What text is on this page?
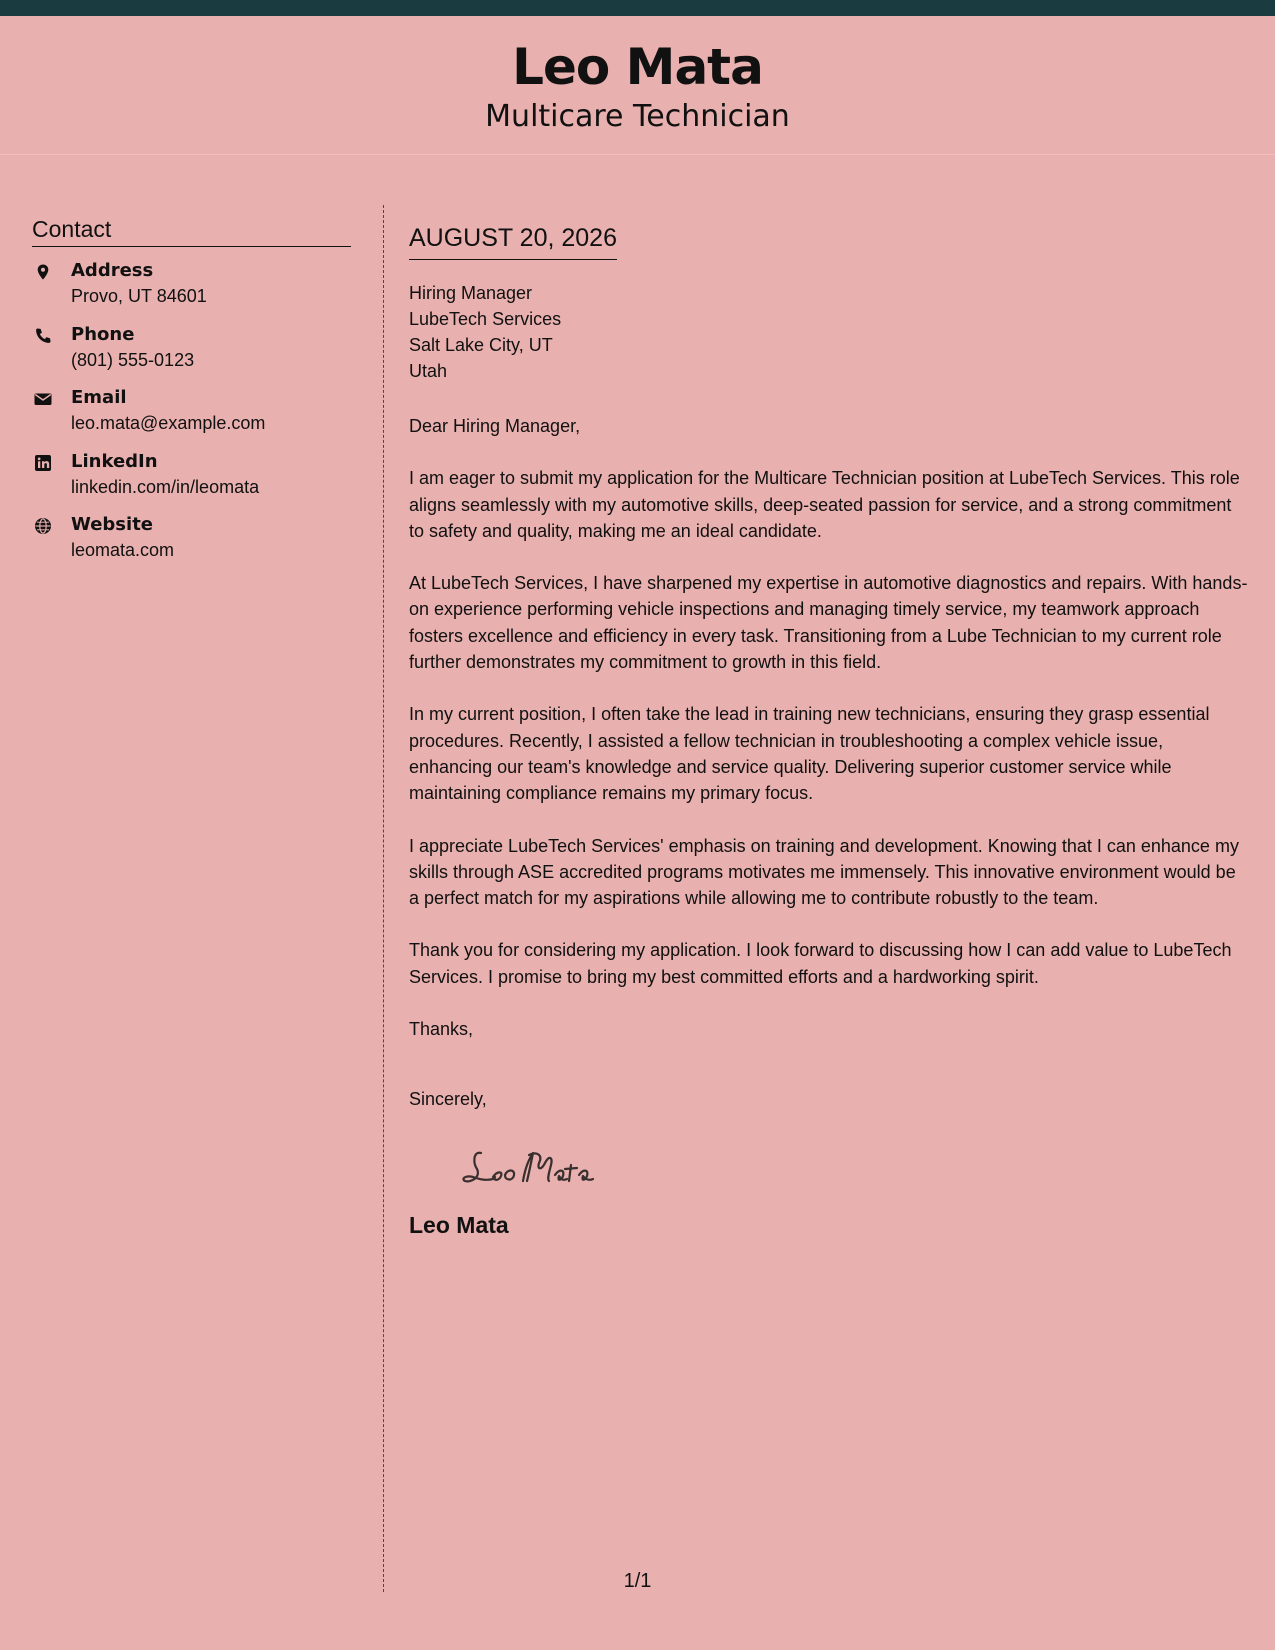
Leo Mata
Multicare Technician
Contact
Address
Provo, UT 84601
Phone
(801) 555-0123
Email
leo.mata@example.com
LinkedIn
linkedin.com/in/leomata
Website
leomata.com
AUGUST 20, 2026
Hiring Manager
LubeTech Services
Salt Lake City, UT
Utah
Dear Hiring Manager,

I am eager to submit my application for the Multicare Technician position at LubeTech Services. This role aligns seamlessly with my automotive skills, deep-seated passion for service, and a strong commitment to safety and quality, making me an ideal candidate.

At LubeTech Services, I have sharpened my expertise in automotive diagnostics and repairs. With hands-on experience performing vehicle inspections and managing timely service, my teamwork approach fosters excellence and efficiency in every task. Transitioning from a Lube Technician to my current role further demonstrates my commitment to growth in this field.

In my current position, I often take the lead in training new technicians, ensuring they grasp essential procedures. Recently, I assisted a fellow technician in troubleshooting a complex vehicle issue, enhancing our team's knowledge and service quality. Delivering superior customer service while maintaining compliance remains my primary focus.

I appreciate LubeTech Services' emphasis on training and development. Knowing that I can enhance my skills through ASE accredited programs motivates me immensely. This innovative environment would be a perfect match for my aspirations while allowing me to contribute robustly to the team.

Thank you for considering my application. I look forward to discussing how I can add value to LubeTech Services. I promise to bring my best committed efforts and a hardworking spirit.

Thanks,
Sincerely,
Leo Mata
1/1
